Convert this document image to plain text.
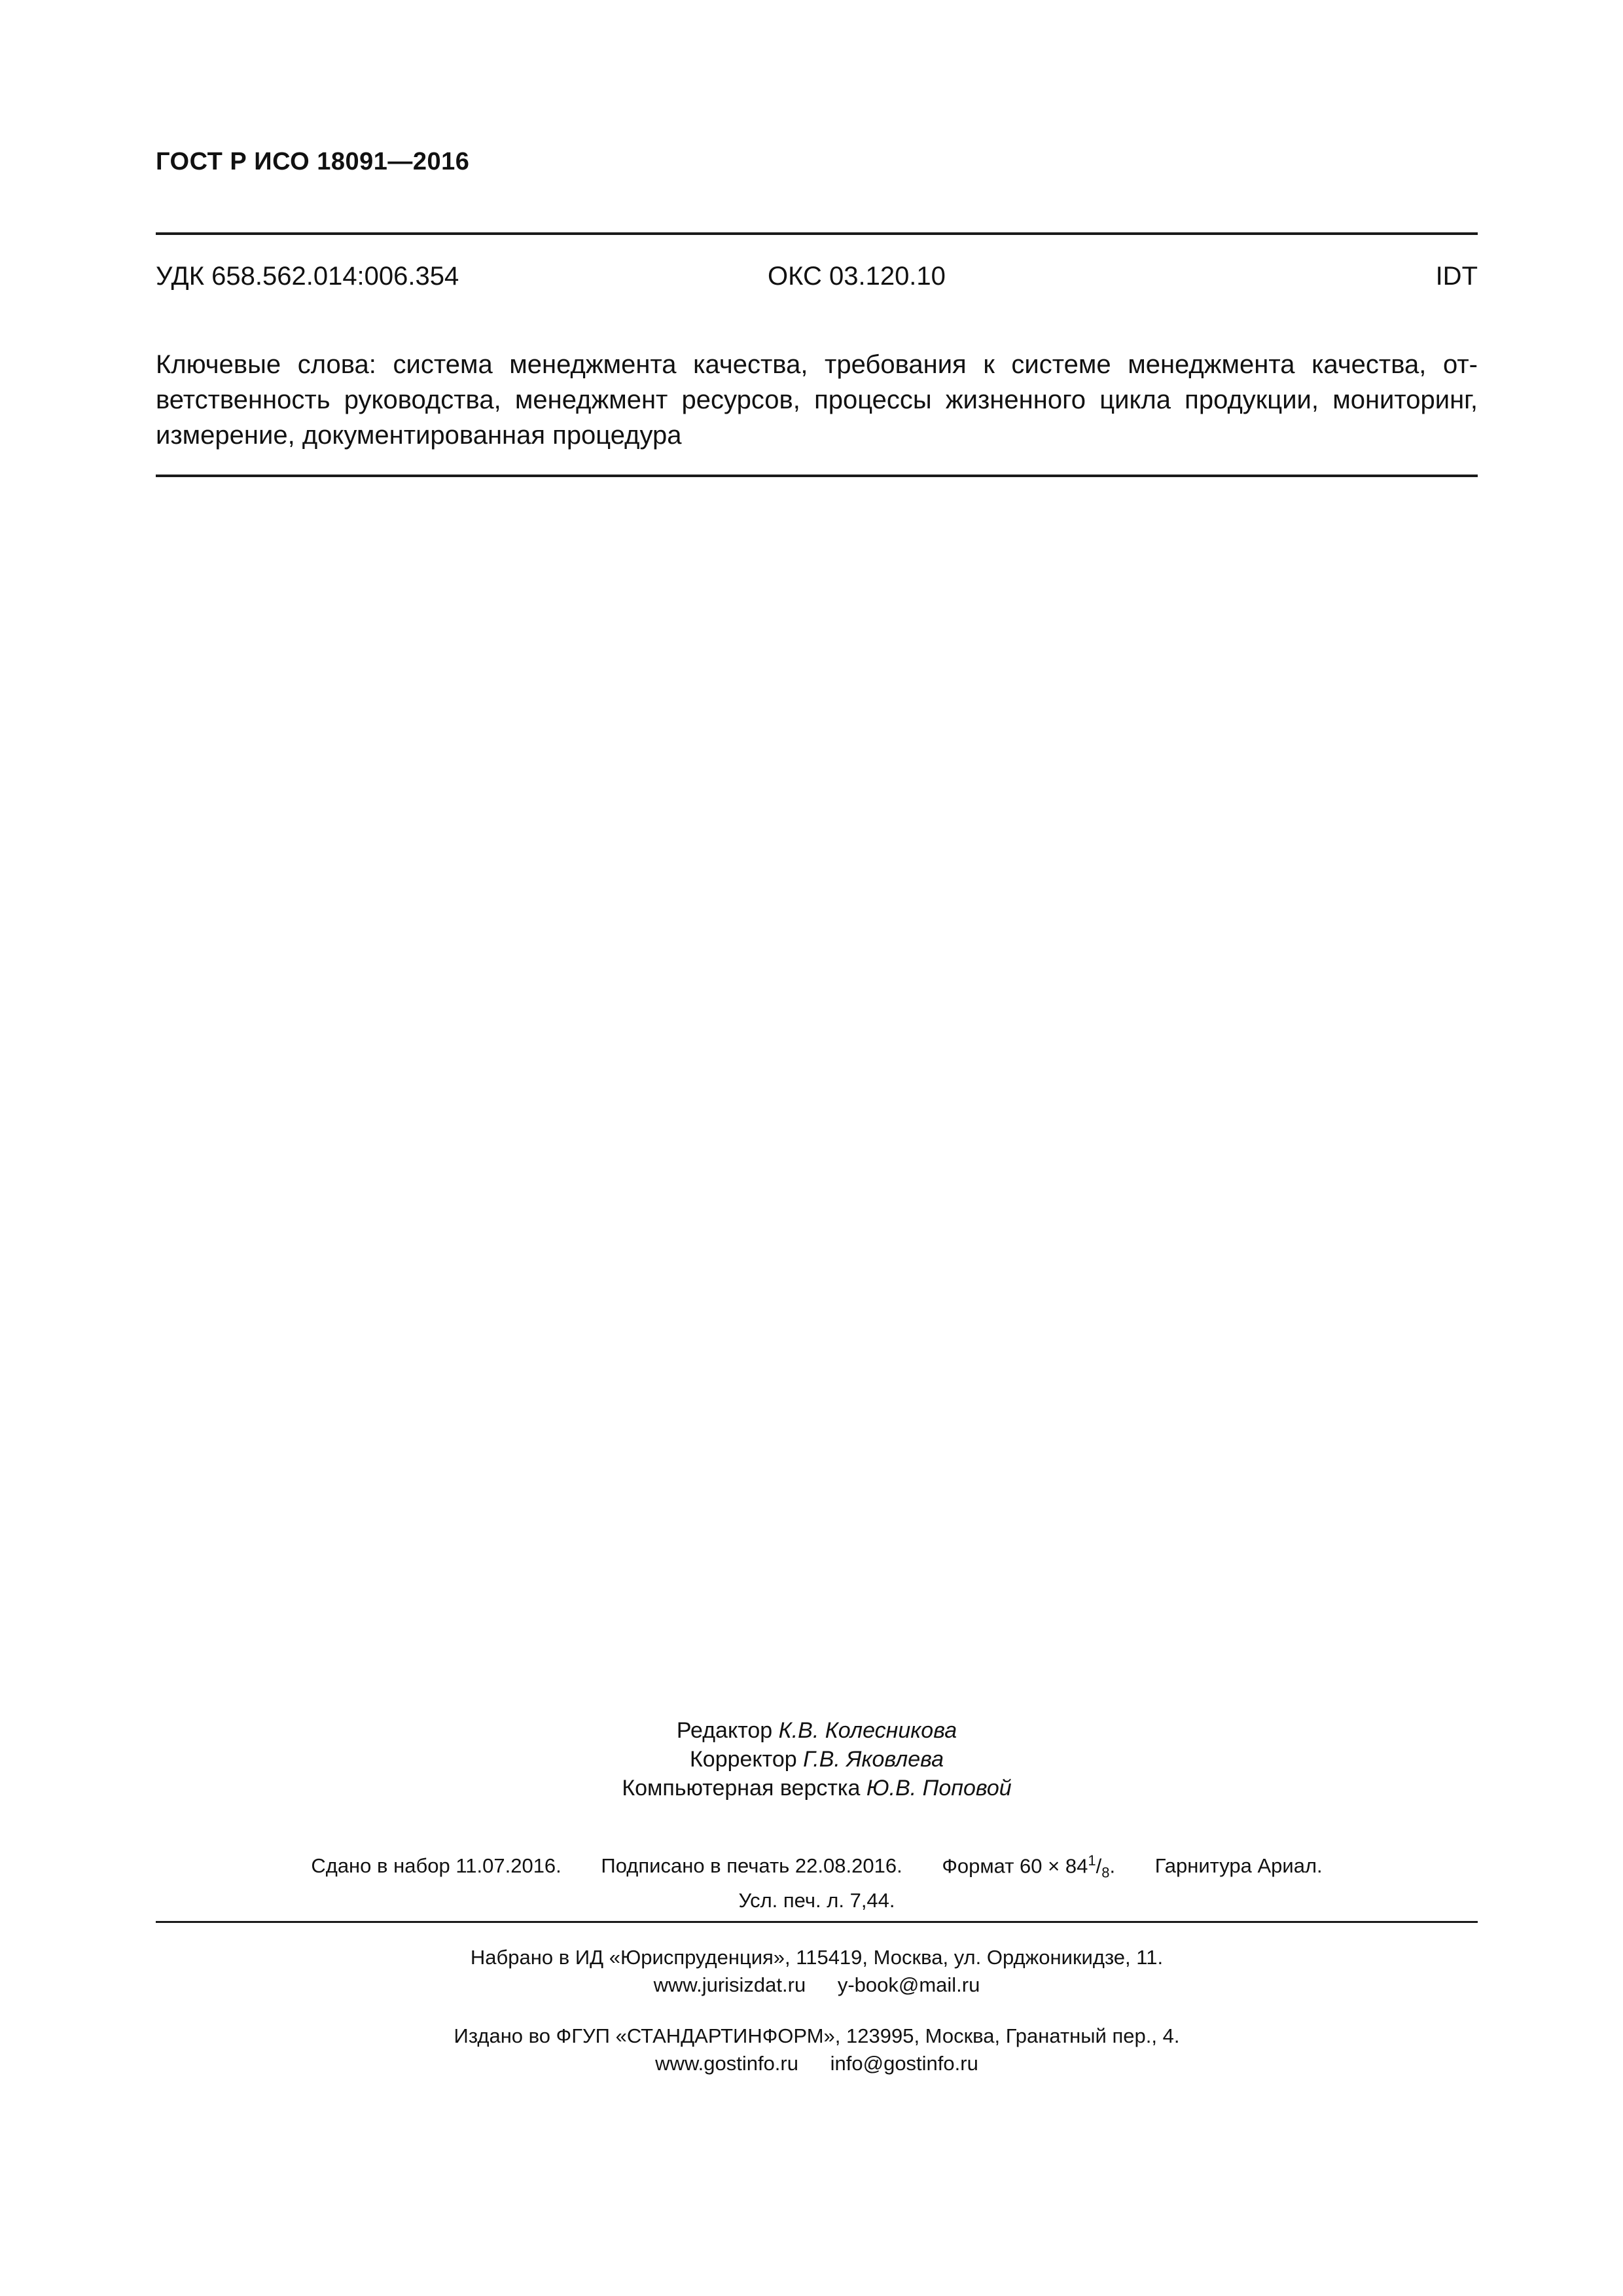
ГОСТ Р ИСО 18091—2016
УДК 658.562.014:006.354	ОКС 03.120.10	IDT
Ключевые слова: система менеджмента качества, требования к системе менеджмента качества, от-
ветственность руководства, менеджмент ресурсов, процессы жизненного цикла продукции, мониторинг,
измерение, документированная процедура
Редактор К.В. Колесникова
Корректор Г.В. Яковлева
Компьютерная верстка Ю.В. Поповой
Сдано в набор 11.07.2016. Подписано в печать 22.08.2016. Формат $60 \times 84^1/_8$. Гарнитура Ариал.
Усл. печ. л. 7,44.
Набрано в ИД «Юриспруденция», 115419, Москва, ул. Орджоникидзе, 11.
www.jurisizdat.ru y-book@mail.ru
Издано во ФГУП «СТАНДАРТИНФОРМ», 123995, Москва, Гранатный пер., 4.
www.gostinfo.ru info@gostinfo.ru
